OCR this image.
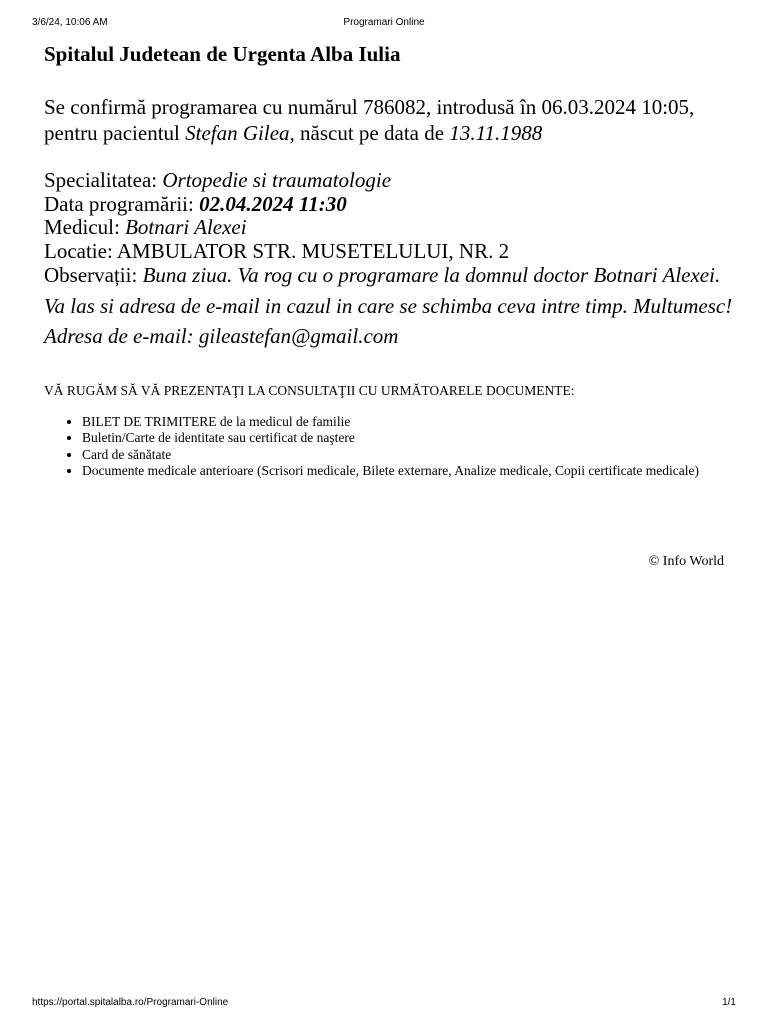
3/6/24, 10:06 AM	Programari Online
Spitalul Judetean de Urgenta Alba Iulia

Se confirmă programarea cu numărul 786082, introdusă în 06.03.2024 10:05, pentru pacientul Stefan Gilea, născut pe data de 13.11.1988

Specialitatea: Ortopedie si traumatologie
Data programării: 02.04.2024 11:30
Medicul: Botnari Alexei
Locatie: AMBULATOR STR. MUSETELULUI, NR. 2
Observații: Buna ziua. Va rog cu o programare la domnul doctor Botnari Alexei. Va las si adresa de e-mail in cazul in care se schimba ceva intre timp. Multumesc! Adresa de e-mail: gileastefan@gmail.com

VĂ RUGĂM SĂ VĂ PREZENTAŢI LA CONSULTAŢII CU URMĂTOARELE DOCUMENTE:

• BILET DE TRIMITERE de la medicul de familie
• Buletin/Carte de identitate sau certificat de naştere
• Card de sănătate
• Documente medicale anterioare (Scrisori medicale, Bilete externare, Analize medicale, Copii certificate medicale)
© Info World
https://portal.spitalalba.ro/Programari-Online	1/1
